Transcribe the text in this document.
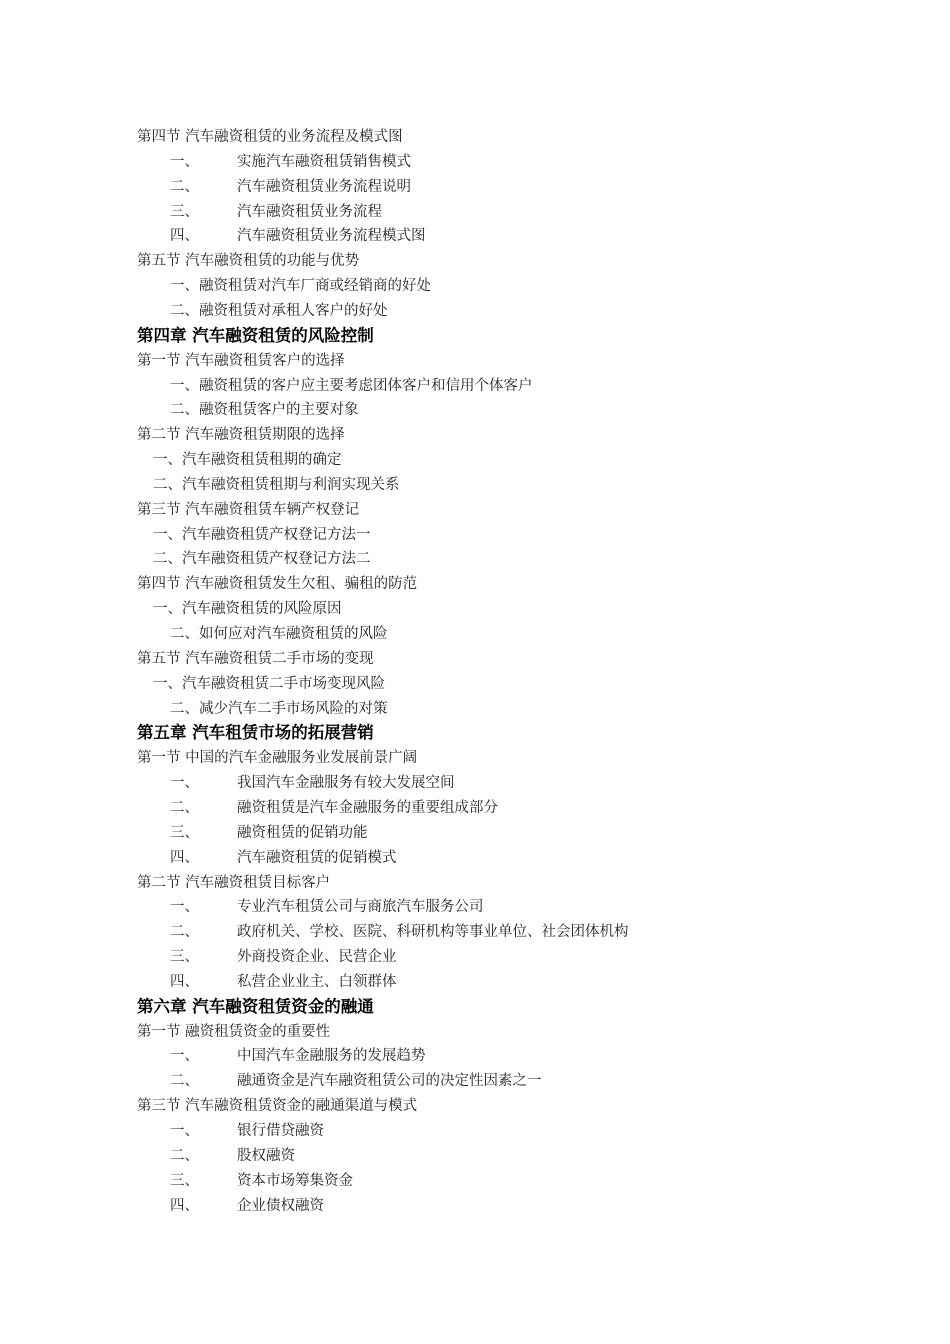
第四节 汽车融资租赁的业务流程及模式图
一、	实施汽车融资租赁销售模式
二、	汽车融资租赁业务流程说明
三、	汽车融资租赁业务流程
四、	汽车融资租赁业务流程模式图
第五节 汽车融资租赁的功能与优势
一、融资租赁对汽车厂商或经销商的好处
二、融资租赁对承租人客户的好处
第四章 汽车融资租赁的风险控制
第一节 汽车融资租赁客户的选择
一、融资租赁的客户应主要考虑团体客户和信用个体客户
二、融资租赁客户的主要对象
第二节 汽车融资租赁期限的选择
一、汽车融资租赁租期的确定
二、汽车融资租赁租期与利润实现关系
第三节 汽车融资租赁车辆产权登记
一、汽车融资租赁产权登记方法一
二、汽车融资租赁产权登记方法二
第四节 汽车融资租赁发生欠租、骗租的防范
一、汽车融资租赁的风险原因
二、如何应对汽车融资租赁的风险
第五节 汽车融资租赁二手市场的变现
一、汽车融资租赁二手市场变现风险
二、减少汽车二手市场风险的对策
第五章 汽车租赁市场的拓展营销
第一节 中国的汽车金融服务业发展前景广阔
一、	我国汽车金融服务有较大发展空间
二、	融资租赁是汽车金融服务的重要组成部分
三、	融资租赁的促销功能
四、	汽车融资租赁的促销模式
第二节 汽车融资租赁目标客户
一、	专业汽车租赁公司与商旅汽车服务公司
二、	政府机关、学校、医院、科研机构等事业单位、社会团体机构
三、	外商投资企业、民营企业
四、	私营企业业主、白领群体
第六章 汽车融资租赁资金的融通
第一节 融资租赁资金的重要性
一、	中国汽车金融服务的发展趋势
二、	融通资金是汽车融资租赁公司的决定性因素之一
第三节 汽车融资租赁资金的融通渠道与模式
一、	银行借贷融资
二、	股权融资
三、	资本市场筹集资金
四、	企业债权融资
